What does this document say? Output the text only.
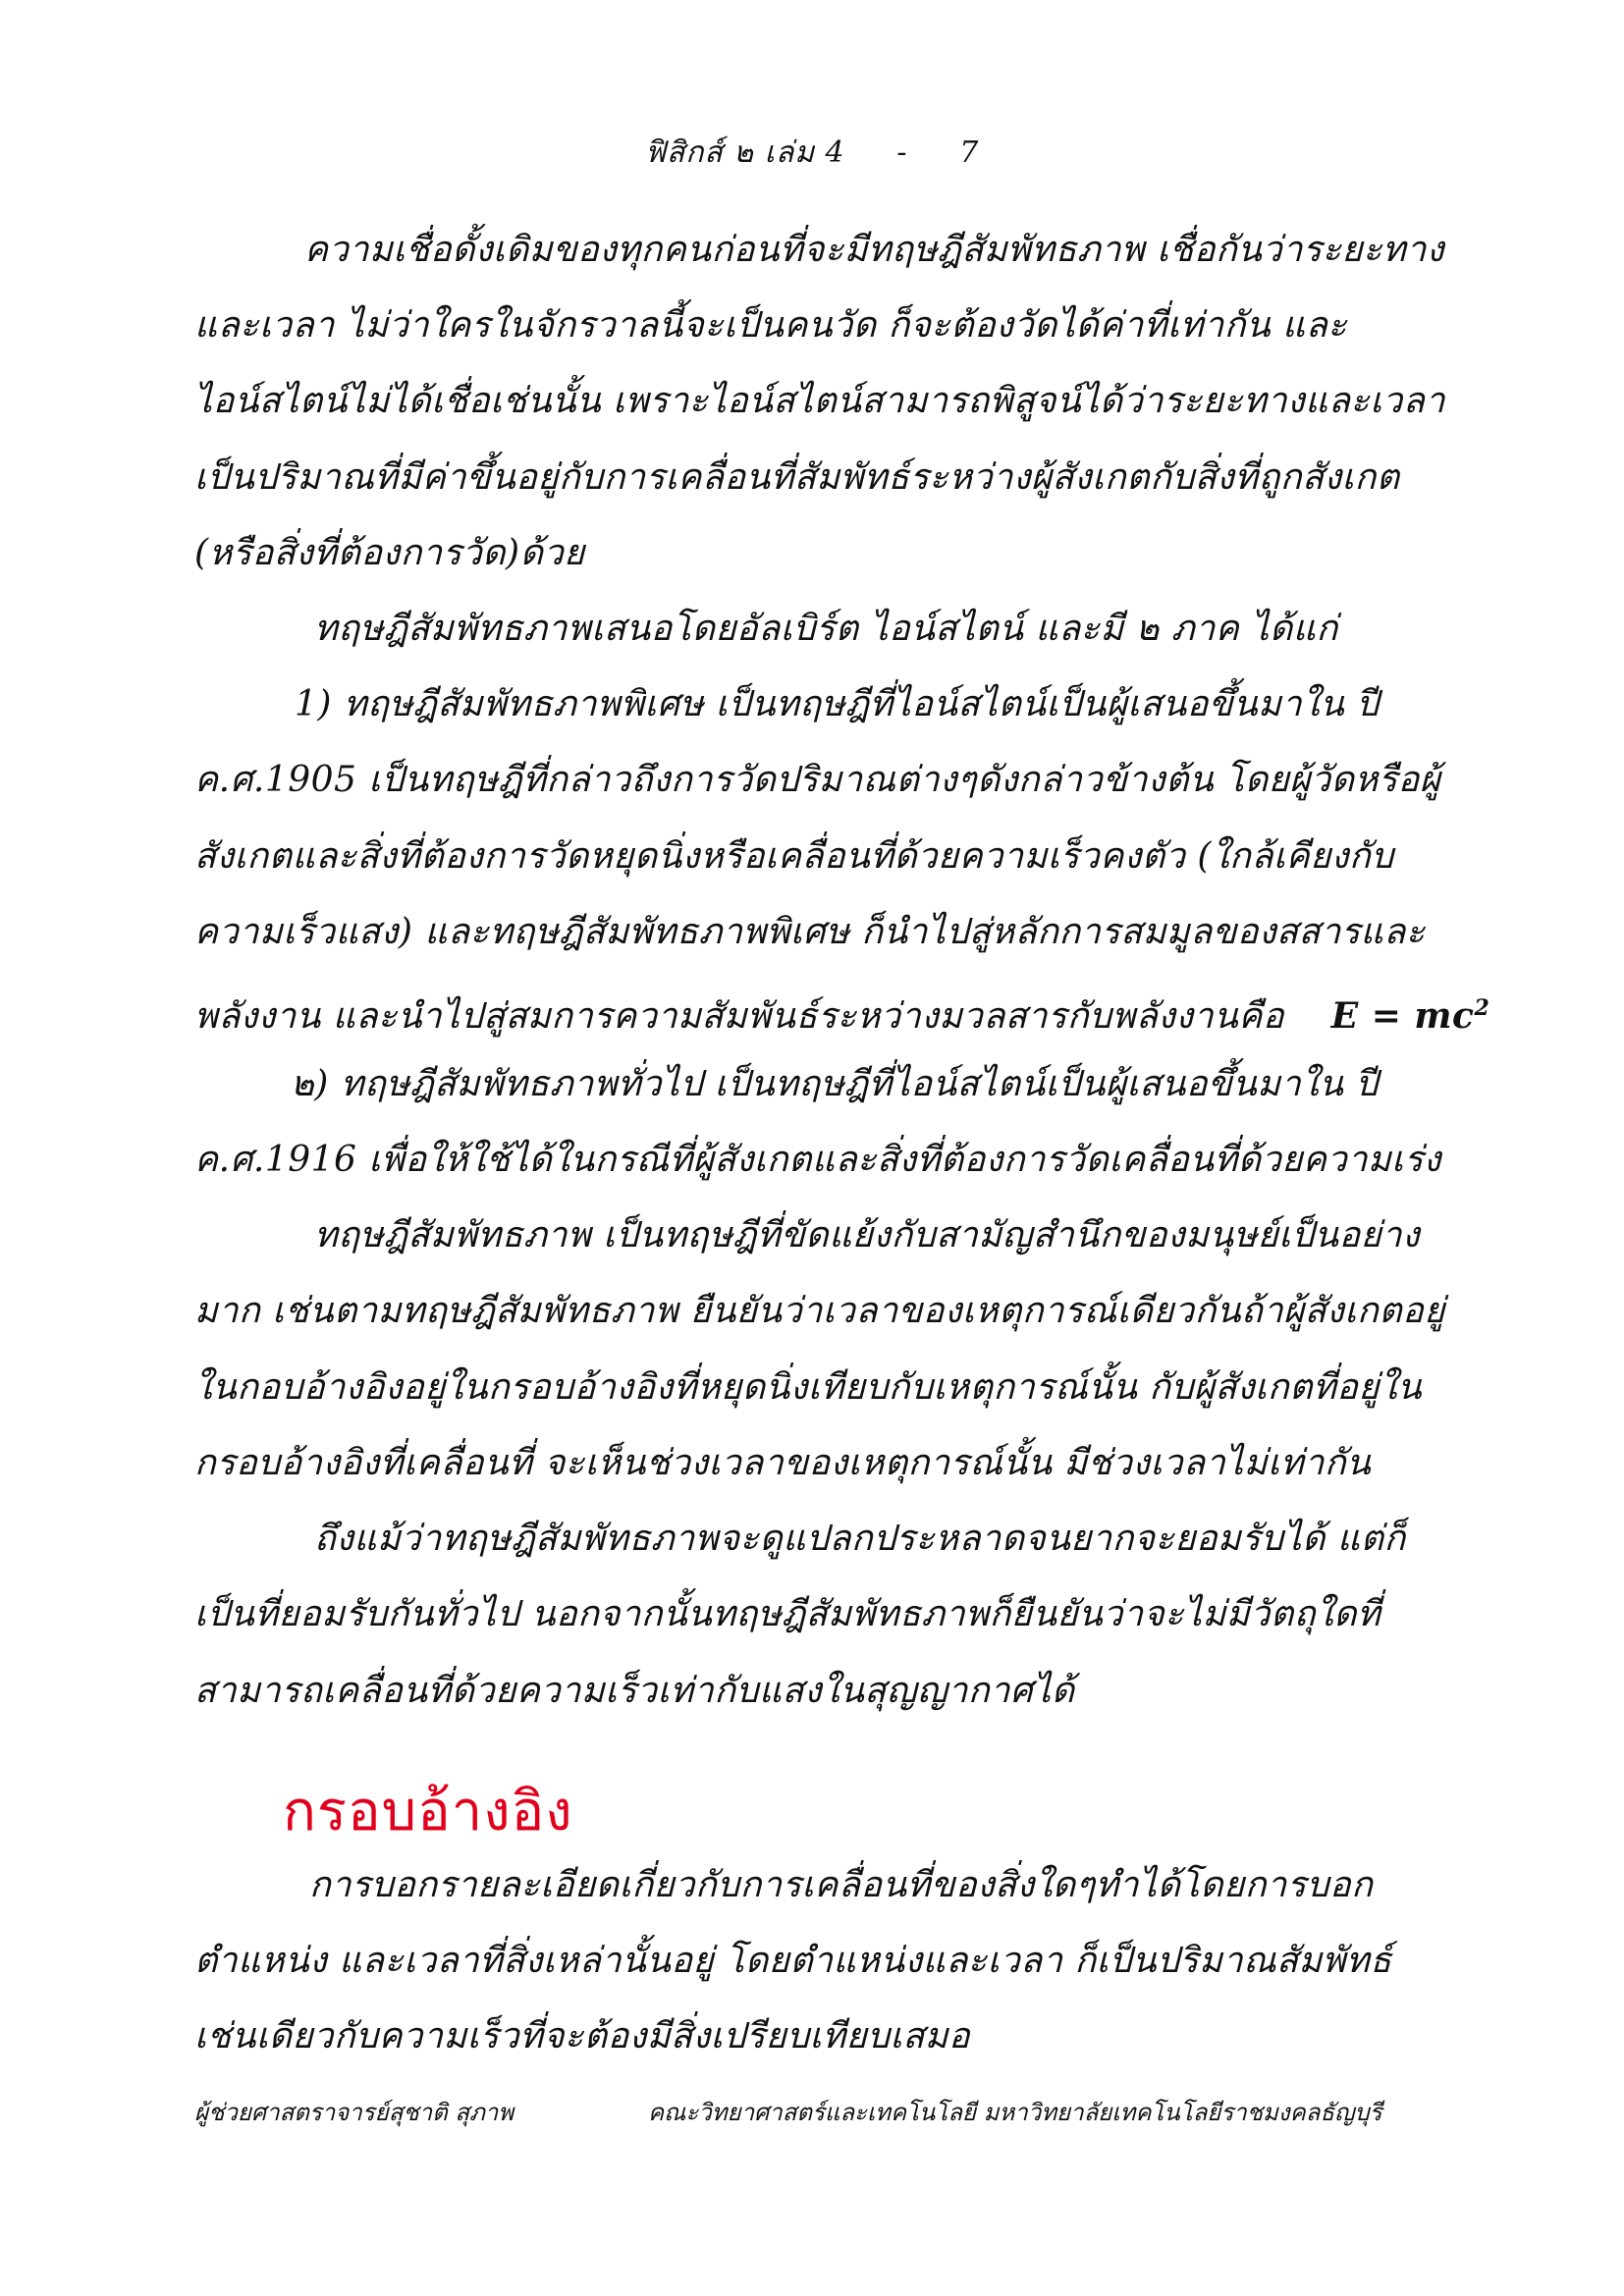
ฟิสิกส์ ๒ เล่ม 4 - 7
ความเชื่อดั้งเดิมของทุกคนก่อนที่จะมีทฤษฎีสัมพัทธภาพ เชื่อกันว่าระยะทาง
และเวลา ไม่ว่าใครในจักรวาลนี้จะเป็นคนวัด ก็จะต้องวัดได้ค่าที่เท่ากัน และ
ไอน์สไตน์ไม่ได้เชื่อเช่นนั้น เพราะไอน์สไตน์สามารถพิสูจน์ได้ว่าระยะทางและเวลา
เป็นปริมาณที่มีค่าขึ้นอยู่กับการเคลื่อนที่สัมพัทธ์ระหว่างผู้สังเกตกับสิ่งที่ถูกสังเกต
(หรือสิ่งที่ต้องการวัด)ด้วย
ทฤษฎีสัมพัทธภาพเสนอโดยอัลเบิร์ต ไอน์สไตน์ และมี ๒ ภาค ได้แก่
1) ทฤษฎีสัมพัทธภาพพิเศษ เป็นทฤษฎีที่ไอน์สไตน์เป็นผู้เสนอขึ้นมาใน ปี
ค.ศ.1905 เป็นทฤษฎีที่กล่าวถึงการวัดปริมาณต่างๆดังกล่าวข้างต้น โดยผู้วัดหรือผู้
สังเกตและสิ่งที่ต้องการวัดหยุดนิ่งหรือเคลื่อนที่ด้วยความเร็วคงตัว (ใกล้เคียงกับ
ความเร็วแสง) และทฤษฎีสัมพัทธภาพพิเศษ ก็นำไปสู่หลักการสมมูลของสสารและ
พลังงาน และนำไปสู่สมการความสัมพันธ์ระหว่างมวลสารกับพลังงานคือ $E = mc^2$
๒) ทฤษฎีสัมพัทธภาพทั่วไป เป็นทฤษฎีที่ไอน์สไตน์เป็นผู้เสนอขึ้นมาใน ปี
ค.ศ.1916 เพื่อให้ใช้ได้ในกรณีที่ผู้สังเกตและสิ่งที่ต้องการวัดเคลื่อนที่ด้วยความเร่ง
ทฤษฎีสัมพัทธภาพ เป็นทฤษฎีที่ขัดแย้งกับสามัญสำนึกของมนุษย์เป็นอย่าง
มาก เช่นตามทฤษฎีสัมพัทธภาพ ยืนยันว่าเวลาของเหตุการณ์เดียวกันถ้าผู้สังเกตอยู่
ในกอบอ้างอิงอยู่ในกรอบอ้างอิงที่หยุดนิ่งเทียบกับเหตุการณ์นั้น กับผู้สังเกตที่อยู่ใน
กรอบอ้างอิงที่เคลื่อนที่ จะเห็นช่วงเวลาของเหตุการณ์นั้น มีช่วงเวลาไม่เท่ากัน
ถึงแม้ว่าทฤษฎีสัมพัทธภาพจะดูแปลกประหลาดจนยากจะยอมรับได้ แต่ก็
เป็นที่ยอมรับกันทั่วไป นอกจากนั้นทฤษฎีสัมพัทธภาพก็ยืนยันว่าจะไม่มีวัตถุใดที่
สามารถเคลื่อนที่ด้วยความเร็วเท่ากับแสงในสุญญากาศได้
กรอบอ้างอิง
การบอกรายละเอียดเกี่ยวกับการเคลื่อนที่ของสิ่งใดๆทำได้โดยการบอก
ตำแหน่ง และเวลาที่สิ่งเหล่านั้นอยู่ โดยตำแหน่งและเวลา ก็เป็นปริมาณสัมพัทธ์
เช่นเดียวกับความเร็วที่จะต้องมีสิ่งเปรียบเทียบเสมอ
ผู้ช่วยศาสตราจารย์สุชาติ สุภาพ	คณะวิทยาศาสตร์และเทคโนโลยี มหาวิทยาลัยเทคโนโลยีราชมงคลธัญบุรี
